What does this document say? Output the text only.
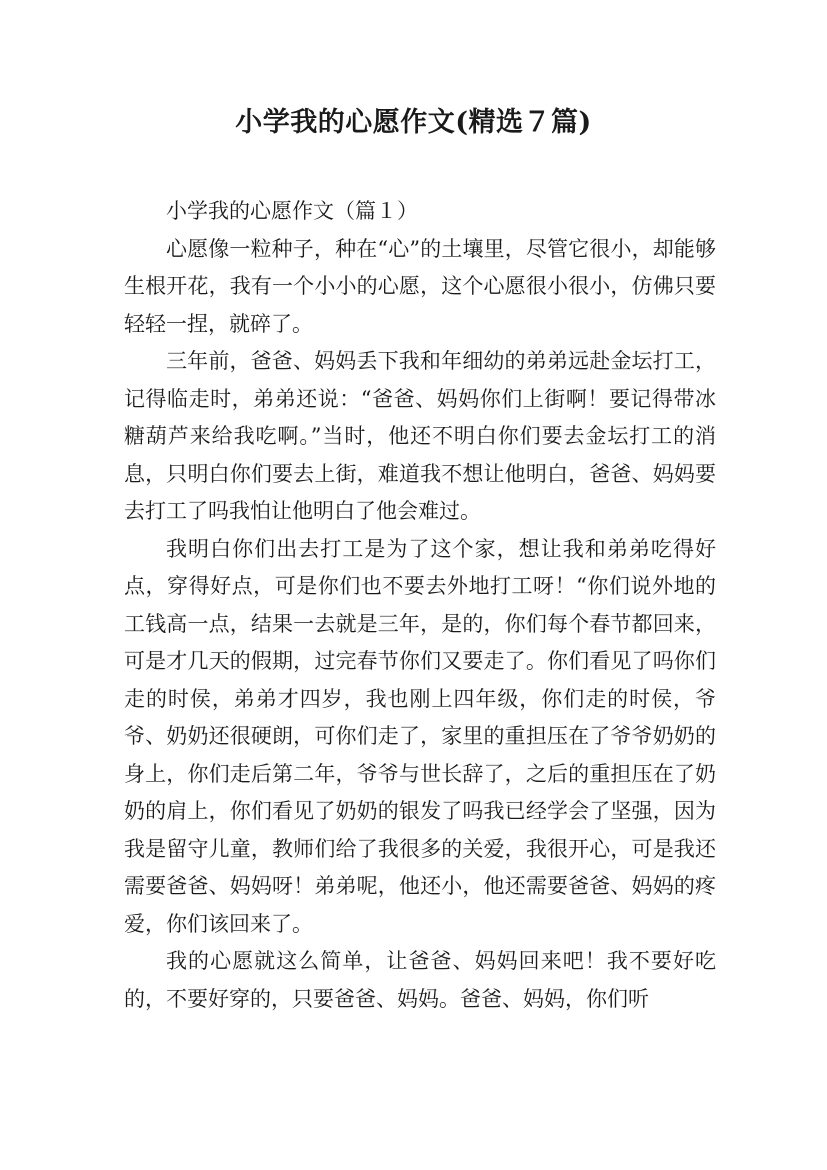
小学我的心愿作文(精选７篇)

小学我的心愿作文（篇１）

心愿像一粒种子，种在“心”的土壤里，尽管它很小，却能够生根开花，我有一个小小的心愿，这个心愿很小很小，仿佛只要轻轻一捏，就碎了。

三年前，爸爸、妈妈丢下我和年细幼的弟弟远赴金坛打工，记得临走时，弟弟还说：“爸爸、妈妈你们上街啊！要记得带冰糖葫芦来给我吃啊。”当时，他还不明白你们要去金坛打工的消息，只明白你们要去上街，难道我不想让他明白，爸爸、妈妈要去打工了吗我怕让他明白了他会难过。

我明白你们出去打工是为了这个家，想让我和弟弟吃得好点，穿得好点，可是你们也不要去外地打工呀！“你们说外地的工钱高一点，结果一去就是三年，是的，你们每个春节都回来，可是才几天的假期，过完春节你们又要走了。你们看见了吗你们走的时侯，弟弟才四岁，我也刚上四年级，你们走的时侯，爷爷、奶奶还很硬朗，可你们走了，家里的重担压在了爷爷奶奶的身上，你们走后第二年，爷爷与世长辞了，之后的重担压在了奶奶的肩上，你们看见了奶奶的银发了吗我已经学会了坚强，因为我是留守儿童，教师们给了我很多的关爱，我很开心，可是我还需要爸爸、妈妈呀！弟弟呢，他还小，他还需要爸爸、妈妈的疼爱，你们该回来了。

我的心愿就这么简单，让爸爸、妈妈回来吧！我不要好吃的，不要好穿的，只要爸爸、妈妈。爸爸、妈妈，你们听
